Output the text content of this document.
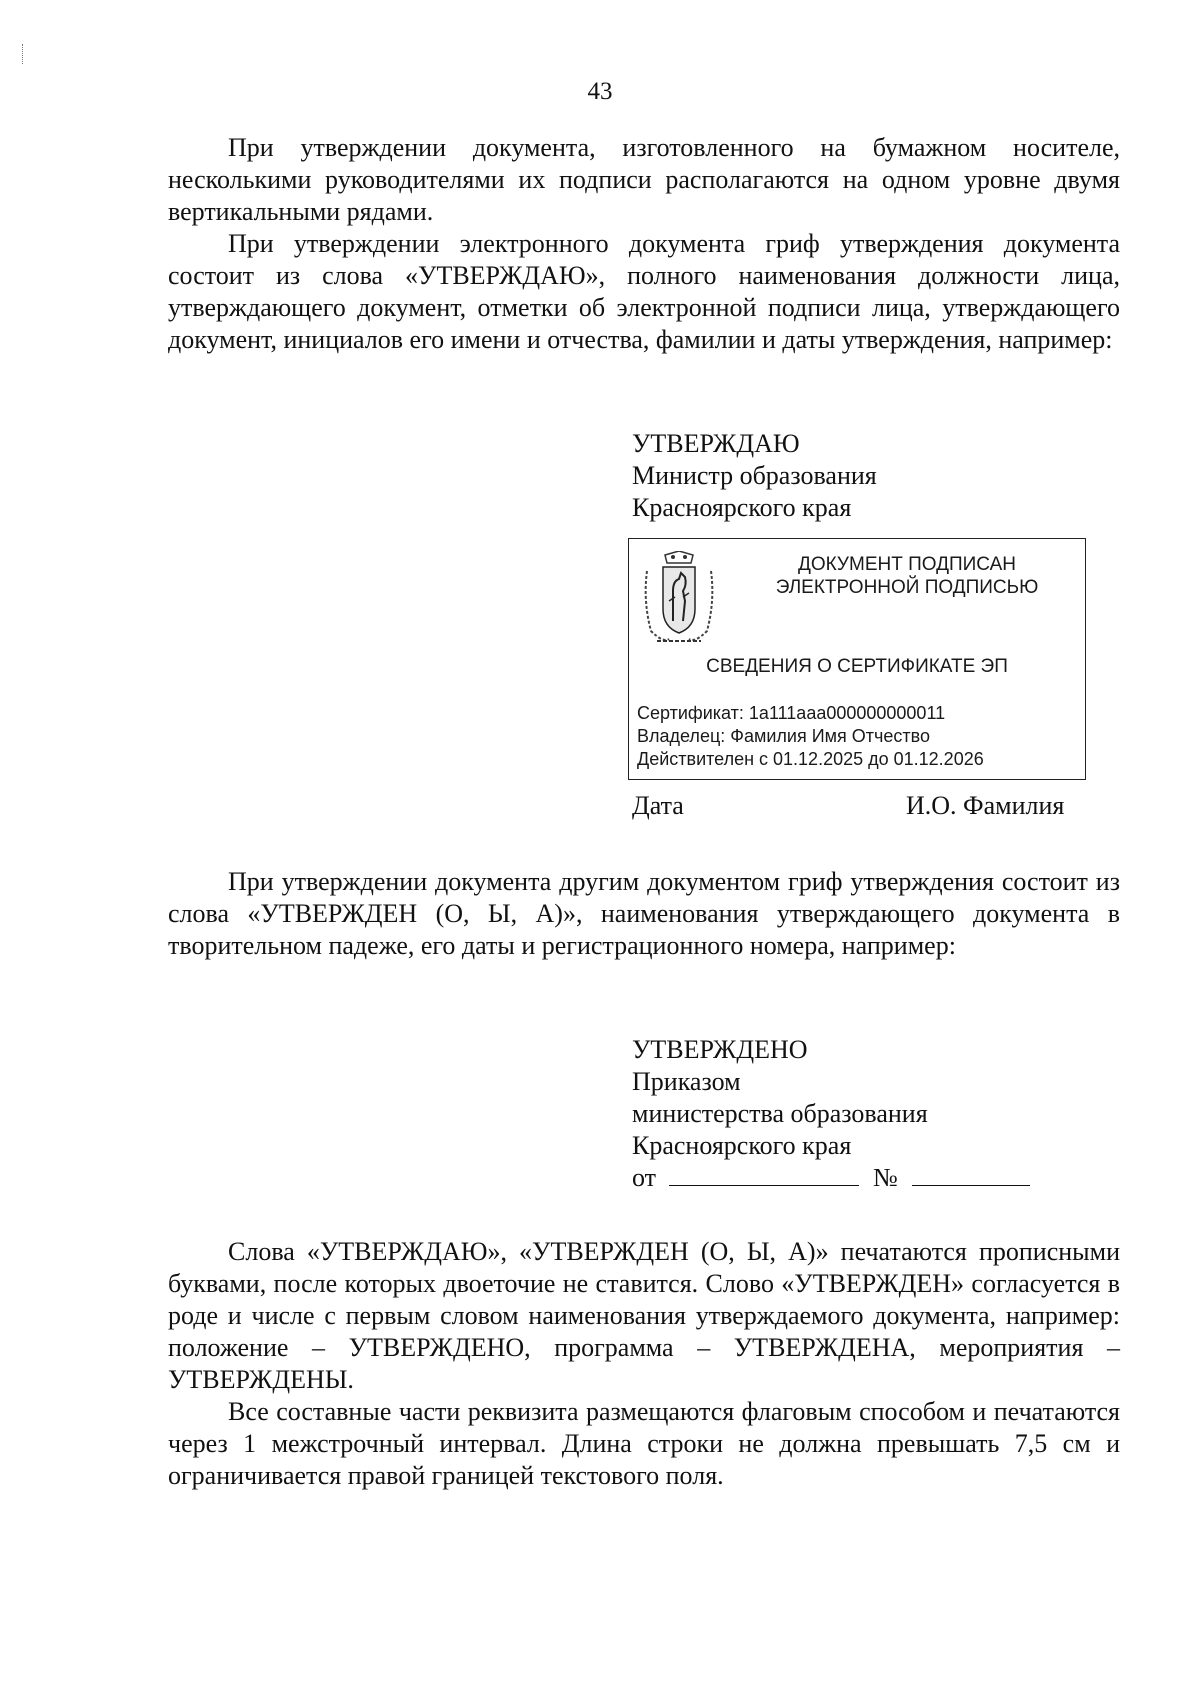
43

При утверждении документа, изготовленного на бумажном носителе, несколькими руководителями их подписи располагаются на одном уровне двумя вертикальными рядами.

При утверждении электронного документа гриф утверждения документа состоит из слова «УТВЕРЖДАЮ», полного наименования должности лица, утверждающего документ, отметки об электронной подписи лица, утверждающего документ, инициалов его имени и отчества, фамилии и даты утверждения, например:

УТВЕРЖДАЮ
Министр образования
Красноярского края
ДОКУМЕНТ ПОДПИСАН
ЭЛЕКТРОННОЙ ПОДПИСЬЮ
СВЕДЕНИЯ О СЕРТИФИКАТЕ ЭП
Сертификат: 1a111aaa000000000011
Владелец: Фамилия Имя Отчество
Действителен с 01.12.2025 до 01.12.2026
Дата	И.О. Фамилия

При утверждении документа другим документом гриф утверждения состоит из слова «УТВЕРЖДЕН (О, Ы, А)», наименования утверждающего документа в творительном падеже, его даты и регистрационного номера, например:

УТВЕРЖДЕНО
Приказом
министерства образования
Красноярского края
от	№

Слова «УТВЕРЖДАЮ», «УТВЕРЖДЕН (О, Ы, А)» печатаются прописными буквами, после которых двоеточие не ставится. Слово «УТВЕРЖДЕН» согласуется в роде и числе с первым словом наименования утверждаемого документа, например: положение – УТВЕРЖДЕНО, программа – УТВЕРЖДЕНА, мероприятия – УТВЕРЖДЕНЫ.

Все составные части реквизита размещаются флаговым способом и печатаются через 1 межстрочный интервал. Длина строки не должна превышать 7,5 см и ограничивается правой границей текстового поля.
